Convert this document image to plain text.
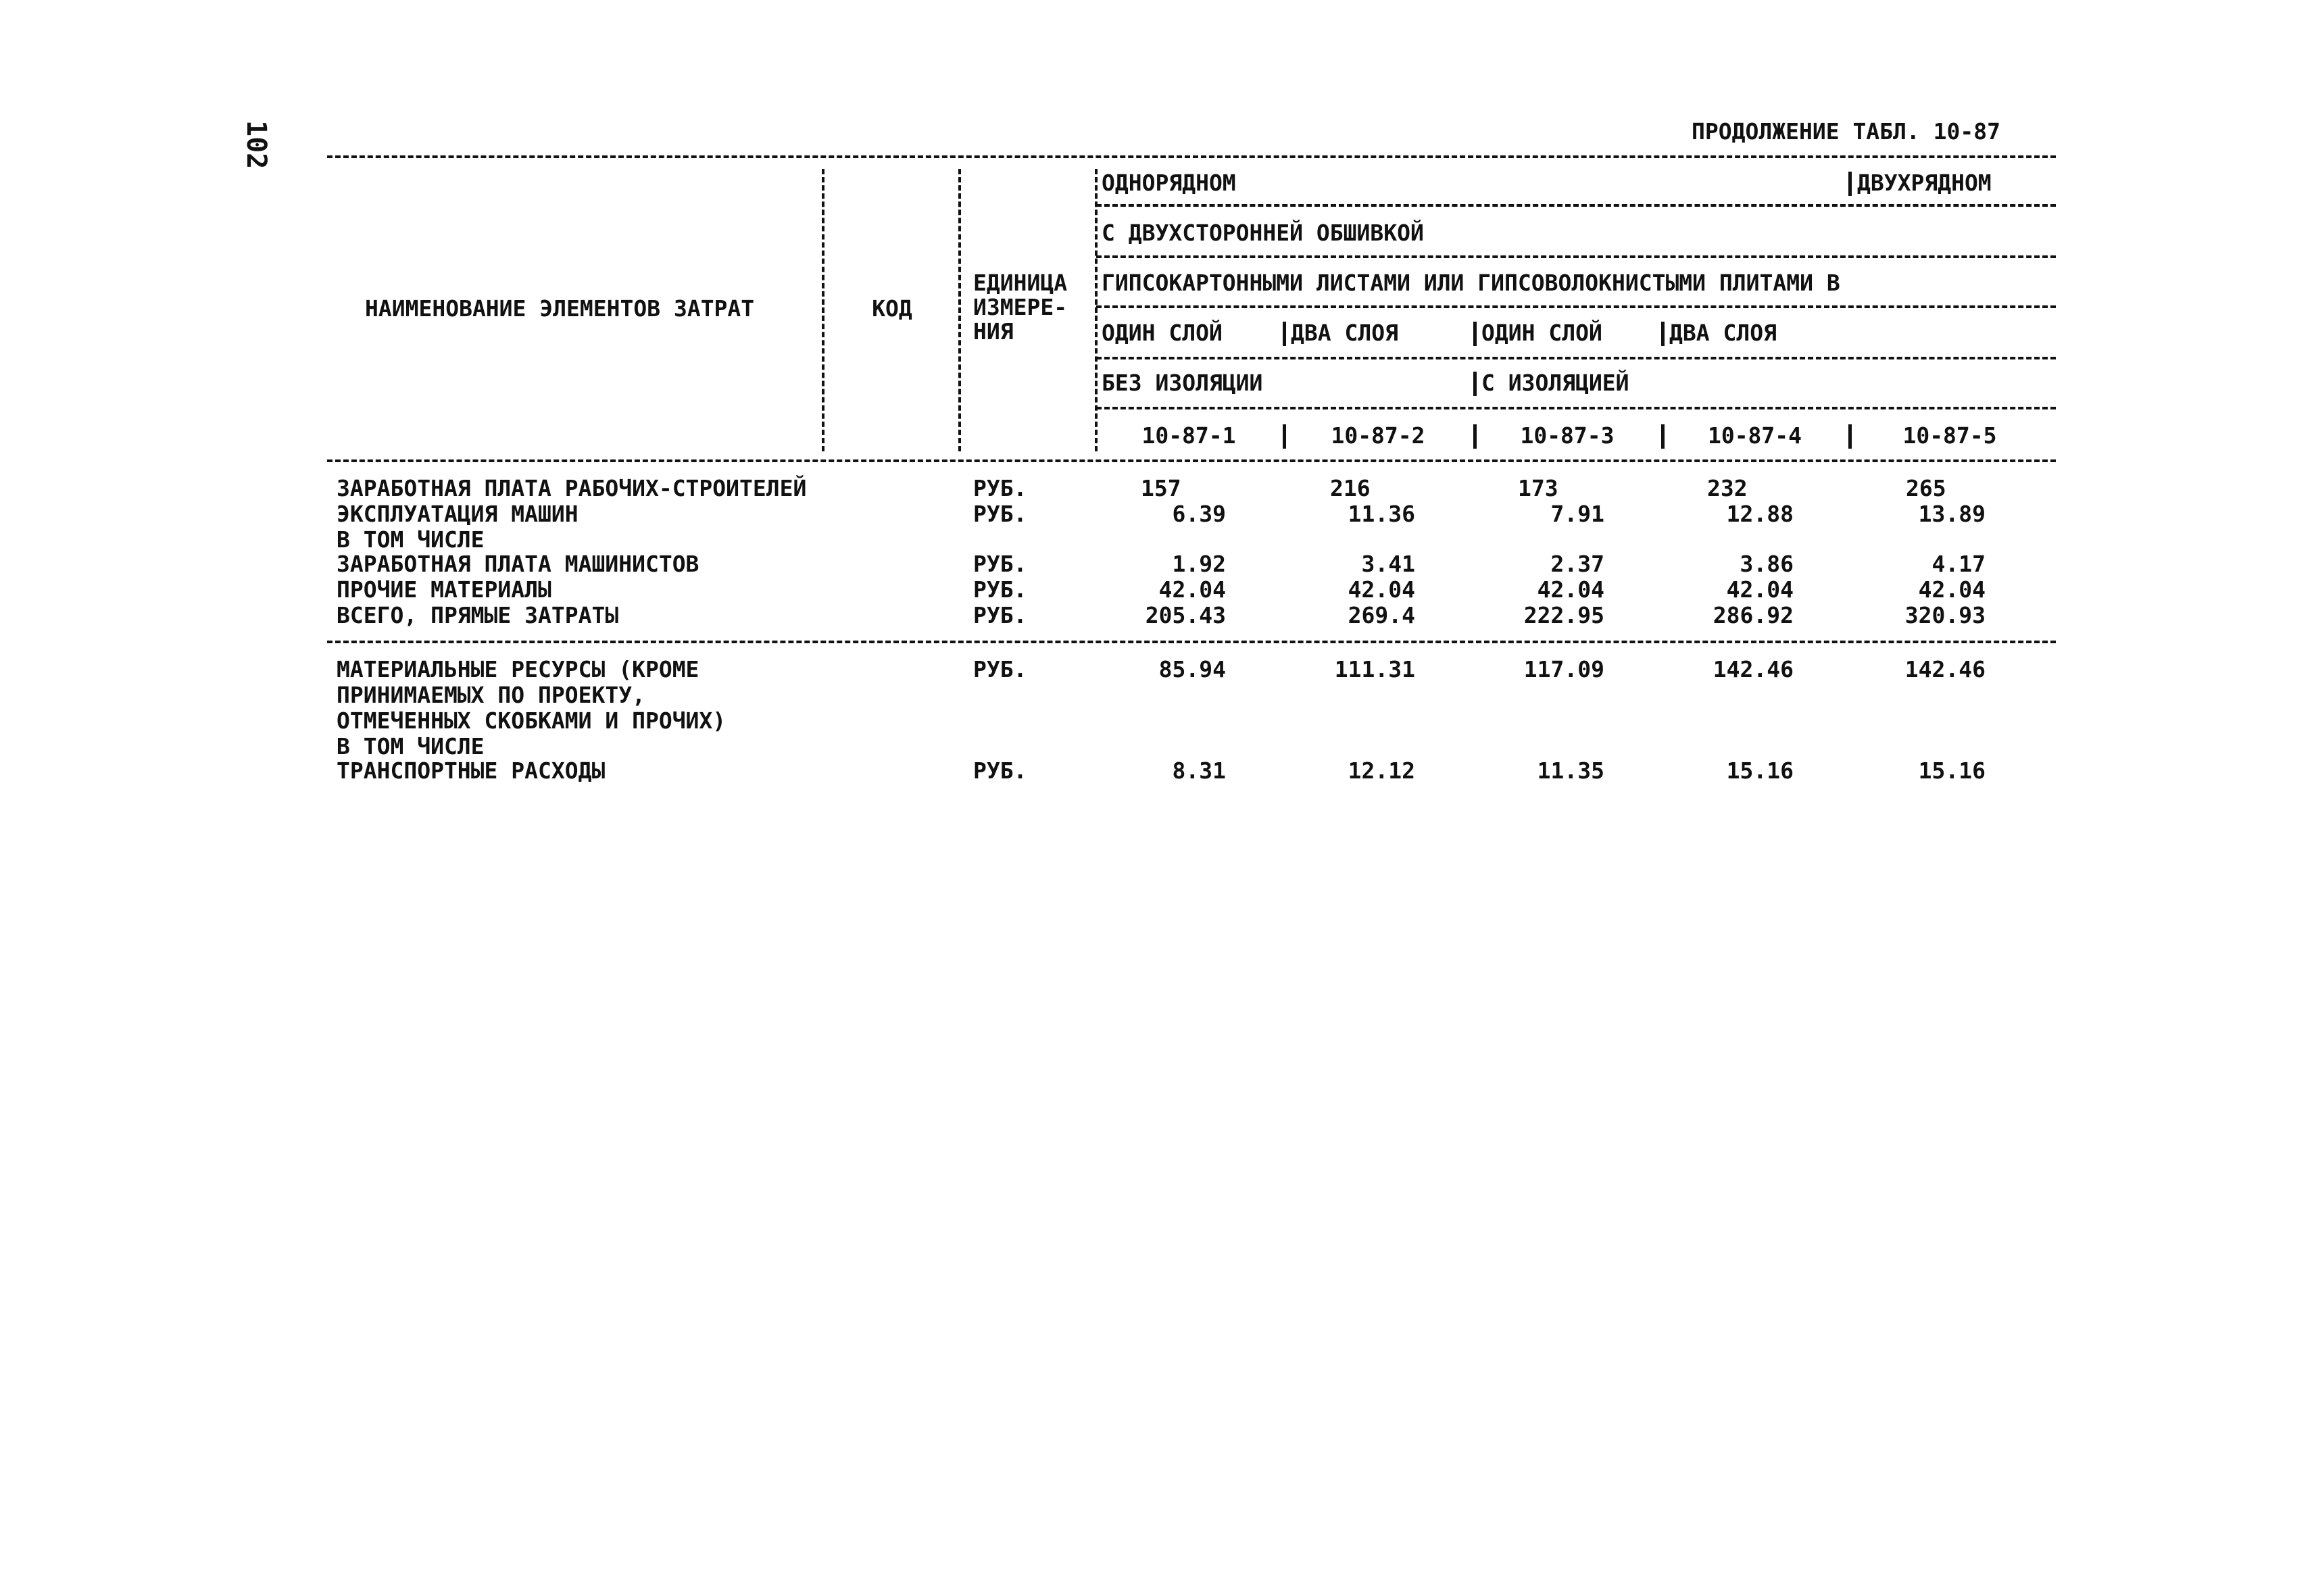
102	ПРОДОЛЖЕНИЕ ТАБЛ. 10-87
НАИМЕНОВАНИЕ ЭЛЕМЕНТОВ ЗАТРАТ	КОД
ЕДИНИЦА
ИЗМЕРЕ-
НИЯ
ОДНОРЯДНОМ	ДВУХРЯДНОМ
С ДВУХСТОРОННЕЙ ОБШИВКОЙ
ГИПСОКАРТОННЫМИ ЛИСТАМИ ИЛИ ГИПСОВОЛОКНИСТЫМИ ПЛИТАМИ В
ОДИН СЛОЙ	ДВА СЛОЯ	ОДИН СЛОЙ	ДВА СЛОЯ
БЕЗ ИЗОЛЯЦИИ	С ИЗОЛЯЦИЕЙ
10-87-1	10-87-2	10-87-3	10-87-4	10-87-5
ЗАРАБОТНАЯ ПЛАТА РАБОЧИХ-СТРОИТЕЛЕЙ	РУБ.	157	216	173	232	265
ЭКСПЛУАТАЦИЯ МАШИН	РУБ.	6.39	11.36	7.91	12.88	13.89
В ТОМ ЧИСЛЕ
ЗАРАБОТНАЯ ПЛАТА МАШИНИСТОВ	РУБ.	1.92	3.41	2.37	3.86	4.17
ПРОЧИЕ МАТЕРИАЛЫ	РУБ.	42.04	42.04	42.04	42.04	42.04
ВСЕГО, ПРЯМЫЕ ЗАТРАТЫ	РУБ.	205.43	269.4	222.95	286.92	320.93
МАТЕРИАЛЬНЫЕ РЕСУРСЫ (КРОМЕ	РУБ.	85.94	111.31	117.09	142.46	142.46
ПРИНИМАЕМЫХ ПО ПРОЕКТУ,
ОТМЕЧЕННЫХ СКОБКАМИ И ПРОЧИХ)
В ТОМ ЧИСЛЕ
ТРАНСПОРТНЫЕ РАСХОДЫ	РУБ.	8.31	12.12	11.35	15.16	15.16
